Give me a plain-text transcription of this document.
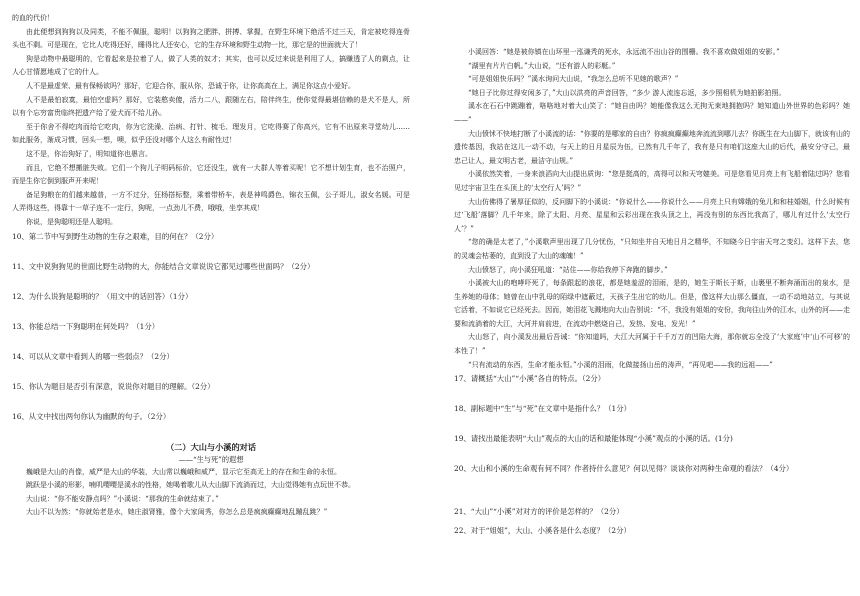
的血的代价！

由此便想到狗狗以及同类，不能不佩服，聪明！以狗狗之肥胖、拼搏、掌握，在野生环境下绝活不过三天，肯定被吃得连骨头也不剩。可是现在，它比人吃得还好，睡得比人还安心，它的生存环境和野生动物一比，那它是的世面就大了！

狗是动物中最聪明的，它看起来是拉着了人，做了人类的奴才；其实，也可以反过来说是利用了人，搞赚透了人的剩点，让人心甘情愿地成了它的什人。

人不是最虚荣、最有保畅欲吗？那好，它迎合你，服从你，恐诚于你，让你高高在上，满足你这点小爱好。

人不是最怕寂寞，最怕空虚吗？那好，它装憨卖傻，活力二八，跟随左右，陪伴终生，使你觉得最堪信赖的是犬不是人，所以有个忘穷富贵临终把遗产给了爱犬而不给儿孙。

至于你舍不得吃肉而给它吃肉，你为它洗澡、治病、打针、梳毛、理发月，它吃得赛了你高兴，它有不出原来寻堂幼儿……如此服务，渐成习惯，回头一想，噢，似乎还没对哪个人这么有耐性过！

这不是，你治狗好了，明知道你也愚言。

而且，它绝不想搬脏失败。它们一个狗儿子明码标价，它还没生，就有一大群人等着买呢！它不想计划生育，也不治照户，而是生你它倒到服声开来呢！

备足狗粮在的们越来越普，一方不过分，狂杨搭标整，乘着带桥车，表是神鸣爵色，锦衣玉佩，公子哥儿，淑女名媛。可是人弄得这些，得靠十一草子连不一定行，狗呢，一点劲儿不费，哦哦，坐享其成！

你说，是狗聪明还是人聪明。

10、第二节中写到野生动物的生存之艰难，目的何在？（2分）

11、文中说狗狗见的世面比野生动物的大，你能结合文章说说它都见过哪些世面吗？（2分）

12、为什么说狗是聪明的？（用文中的话回答）（1分）

13、你能总结一下狗聪明在何处吗？（1分）

14、可以从文章中看到人的哪一些弱点？（2分）

15、你认为题目是否引有深意，说说你对题目的理解。（2分）

16、从文中找出两句你认为幽默的句子。（2分）

（二）大山与小溪的对话

——“生与死”的遐想

巍峨是大山的肖像，威严是大山的华装，大山常以巍峨和威严，显示它至高无上的存在和生命的永恒。

跳跃是小溪的形影，喃叽嘤嘤是溪水的性格，她喝着歌儿从大山脚下流淌而过，大山觉得她有点玩世不恭。

大山说：“你不能安静点吗？”小溪说：“那我的生命就结束了。”

大山不以为然：“你就始老是水，她庄淑肾雅，像个大家闺秀，你怎么总是疯疯癫癫地乱蹦乱跳？”

小溪回答：“她是被你镇在山环里一泓谦秃的死水，永远流不出山谷的围栅。我不喜欢做姐姐的安影。”

“湖里有片片白帆。”大山说，“还有游人的彩艇。”

“可是姐姐快乐吗？”溪水询问大山说，“我怎么总听不见她的歌声？”

“她日子比你过得安闲多了，”大山以洪亮的声音回答，“多少 游人流连忘返，多少照相机为她拍影拍照。

溪水在石石中跳蹦着，咯咯地对着大山笑了：“她自由吗？她能像我这么无拘无束地拥抱吗？她知道山外世界的色彩吗？她——”

大山愤怵不快地打断了小溪流的话：“你要的是哪家的自由？你疯疯癫癫地奔流流到哪儿去？你既生在大山脚下，就该有山的遗传基因，我站在这儿一动不动，与天上的日月星辰为伍，已然有几千年了，我有是只有咱们这座大山的后代，最安分守己，最忠己让人，最文明古老，最洁守山规。”

小溪依然笑着，一身来浪滔向大山提出质询：“您是挺高的，高得可以和天穹媲美。可是您看见月亮上有飞船着陆过吗？您看见过宇宙卫生在头顶上的‘太空行人’吗？”

大山仿佛得了暑厚征似的，反问脚下的小溪说：“你说什么——你说什么——月亮上只有嫦娥的兔儿和和桂婚姻，什么时候有过‘飞船’落脚？几千年来，除了太阳、月亮、星星和云彩出现在我头顶之上，再没有别的东西比我高了，哪儿有过什么‘太空行人’？”

“您的确是太老了，”小溪歌声里出现了几分忧伤，“只知坐井自天地日月之精华，不知晓今日宇宙天穹之变幻。这样下去，您的灵魂会枯萎的，直到没了大山的魂魄！”

大山愤怒了，向小溪狂吼道：“站住——你给我停下奔跑的脚步。”

小溪被大山的咆哮吓死了，每条跟起的浪花，都是她羞涩的泪雨，是的，她生于斯长于斯，山裹里不断奔涌而出的泉水，是生养她的母体；她曾在山中乳母的陌绿中遮蔽过，天孩子生出它的幼儿。但是，像这样大山那么僵直，一动不动地站立，与其说它活着，不如说它已经死去。因而，她泪花飞溅地向大山告别说：“不，我没有姐姐的安份，我向往山外的江水，山外的河——走要和流淌着的大江，大河并肩前进，在流动中燃烧自己，发热、发电、发光！”

大山怒了，向小溪发出最后吾诫：“你知道吗，大江大河属于千千万万的凹陷大海，那你就忘全没了‘大家庭’中‘山不可移’的本性了！”

“只有流动的东西，生命才能永恒。”小溪的泪雨，化做接扬山岳的涛声，“再见吧——我的远祖——”

17、请概括“大山”“小溪”各自的特点。（2分）

18、副标题中“生”与“死”在文章中是指什么？（1分）

19、请找出最能表明“大山”观点的大山的话和最能体现“小溪”观点的小溪的话。(1分)

20、大山和小溪的生命观有何不同？作者持什么意见？何以见得？谈谈你对两种生命观的看法？（4分）

21、“大山”“小溪”对对方的评价是怎样的？（2分）

22、对于“姐姐”，大山、小溪各是什么态度？（2分）
